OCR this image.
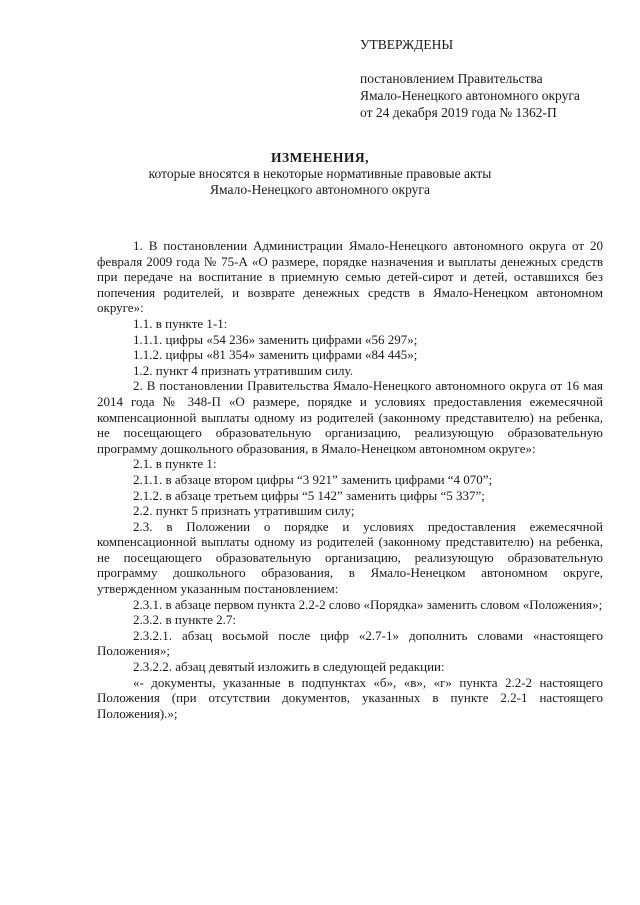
УТВЕРЖДЕНЫ
постановлением Правительства
Ямало-Ненецкого автономного округа
от 24 декабря 2019 года № 1362-П
ИЗМЕНЕНИЯ,
которые вносятся в некоторые нормативные правовые акты
Ямало-Ненецкого автономного округа

1. В постановлении Администрации Ямало-Ненецкого автономного округа от 20 февраля 2009 года № 75-А «О размере, порядке назначения и выплаты денежных средств при передаче на воспитание в приемную семью детей-сирот и детей, оставшихся без попечения родителей, и возврате денежных средств в Ямало-Ненецком автономном округе»:

1.1. в пункте 1-1:

1.1.1. цифры «54 236» заменить цифрами «56 297»;

1.1.2. цифры «81 354» заменить цифрами «84 445»;

1.2. пункт 4 признать утратившим силу.

2. В постановлении Правительства Ямало-Ненецкого автономного округа от 16 мая 2014 года № 348-П «О размере, порядке и условиях предоставления ежемесячной компенсационной выплаты одному из родителей (законному представителю) на ребенка, не посещающего образовательную организацию, реализующую образовательную программу дошкольного образования, в Ямало-Ненецком автономном округе»:

2.1. в пункте 1:

2.1.1. в абзаце втором цифры “3 921” заменить цифрами “4 070”;

2.1.2. в абзаце третьем цифры “5 142” заменить цифры “5 337”;

2.2. пункт 5 признать утратившим силу;

2.3. в Положении о порядке и условиях предоставления ежемесячной компенсационной выплаты одному из родителей (законному представителю) на ребенка, не посещающего образовательную организацию, реализующую образовательную программу дошкольного образования, в Ямало-Ненецком автономном округе, утвержденном указанным постановлением:

2.3.1. в абзаце первом пункта 2.2-2 слово «Порядка» заменить словом «Положения»;

2.3.2. в пункте 2.7:

2.3.2.1. абзац восьмой после цифр «2.7-1» дополнить словами «настоящего Положения»;

2.3.2.2. абзац девятый изложить в следующей редакции:

«- документы, указанные в подпунктах «б», «в», «г» пункта 2.2-2 настоящего Положения (при отсутствии документов, указанных в пункте 2.2-1 настоящего Положения).»;
